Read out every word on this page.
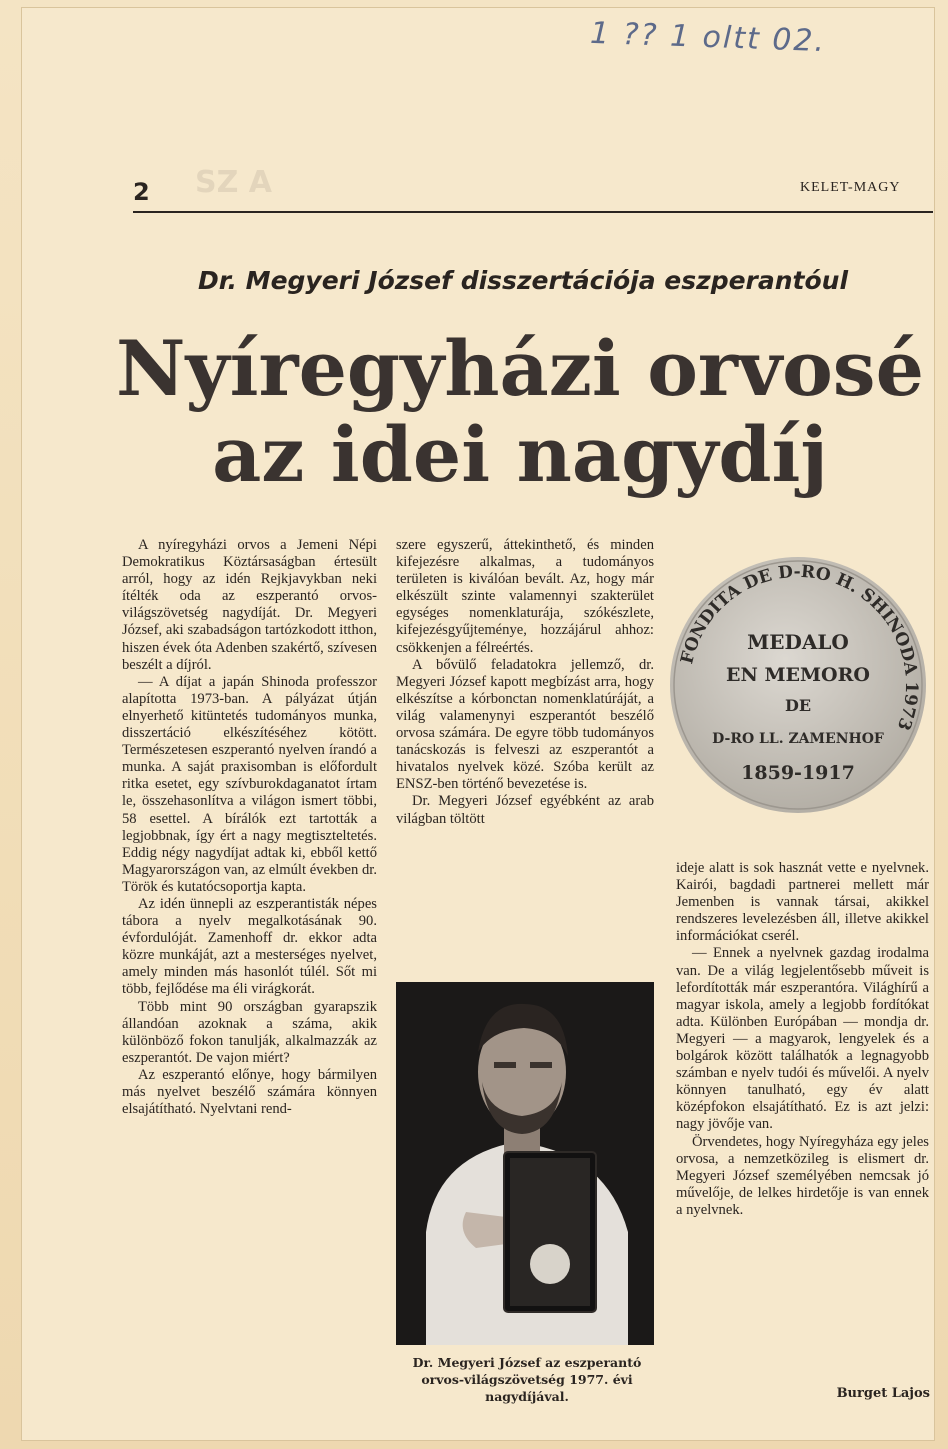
SZ A
1 ?? 1 oltt 02.
2	KELET-MAGY
Dr. Megyeri József disszertációja eszperantóul
Nyíregyházi orvosé
az idei nagydíj

A nyíregyházi orvos a Jemeni Népi Demokratikus Köztársaságban értesült arról, hogy az idén Rejkjavykban neki ítélték oda az eszperantó orvos-világszövetség nagydíját. Dr. Megyeri József, aki szabadságon tartózkodott itthon, hiszen évek óta Adenben szakértő, szívesen beszélt a díjról.

— A díjat a japán Shinoda professzor alapította 1973-ban. A pályázat útján elnyerhető kitüntetés tudományos munka, disszertáció elkészítéséhez kötött. Természetesen eszperantó nyelven írandó a munka. A saját praxisomban is előfordult ritka esetet, egy szívburokdaganatot írtam le, összehasonlítva a világon ismert többi, 58 esettel. A bírálók ezt tartották a legjobbnak, így ért a nagy megtiszteltetés. Eddig négy nagydíjat adtak ki, ebből kettő Magyarországon van, az elmúlt években dr. Török és kutatócsoportja kapta.

Az idén ünnepli az eszperantisták népes tábora a nyelv megalkotásának 90. évfordulóját. Zamenhoff dr. ekkor adta közre munkáját, azt a mesterséges nyelvet, amely minden más hasonlót túlél. Sőt mi több, fejlődése ma éli virágkorát.

Több mint 90 országban gyarapszik állandóan azoknak a száma, akik különböző fokon tanulják, alkalmazzák az eszperantót. De vajon miért?

Az eszperantó előnye, hogy bármilyen más nyelvet beszélő számára könnyen elsajátítható. Nyelvtani rend-

szere egyszerű, áttekinthető, és minden kifejezésre alkalmas, a tudományos területen is kiválóan bevált. Az, hogy már elkészült szinte valamennyi szakterület egységes nomenklaturája, szókészlete, kifejezésgyűjteménye, hozzájárul ahhoz: csökkenjen a félreértés.

A bővülő feladatokra jellemző, dr. Megyeri József kapott megbízást arra, hogy elkészítse a kórbonctan nomenklatúráját, a világ valamenynyi eszperantót beszélő orvosa számára. De egyre több tudományos tanácskozás is felveszi az eszperantót a hivatalos nyelvek közé. Szóba került az ENSZ-ben történő bevezetése is.

Dr. Megyeri József egyébként az arab világban töltött

FONDITA DE D-RO H. SHINODA 1973
MEDALO
EN MEMORO
DE
D-RO LL. ZAMENHOF
1859-1917
Dr. Megyeri József az eszperantó orvos-világszövetség 1977. évi nagydíjával.

ideje alatt is sok hasznát vette e nyelvnek. Kairói, bagdadi partnerei mellett már Jemenben is vannak társai, akikkel rendszeres levelezésben áll, illetve akikkel információkat cserél.

— Ennek a nyelvnek gazdag irodalma van. De a világ legjelentősebb műveit is lefordították már eszperantóra. Világhírű a magyar iskola, amely a legjobb fordítókat adta. Különben Európában — mondja dr. Megyeri — a magyarok, lengyelek és a bolgárok között találhatók a legnagyobb számban e nyelv tudói és művelői. A nyelv könnyen tanulható, egy év alatt középfokon elsajátítható. Ez is azt jelzi: nagy jövője van.

Örvendetes, hogy Nyíregyháza egy jeles orvosa, a nemzetközileg is elismert dr. Megyeri József személyében nemcsak jó művelője, de lelkes hirdetője is van ennek a nyelvnek.

Burget Lajos
